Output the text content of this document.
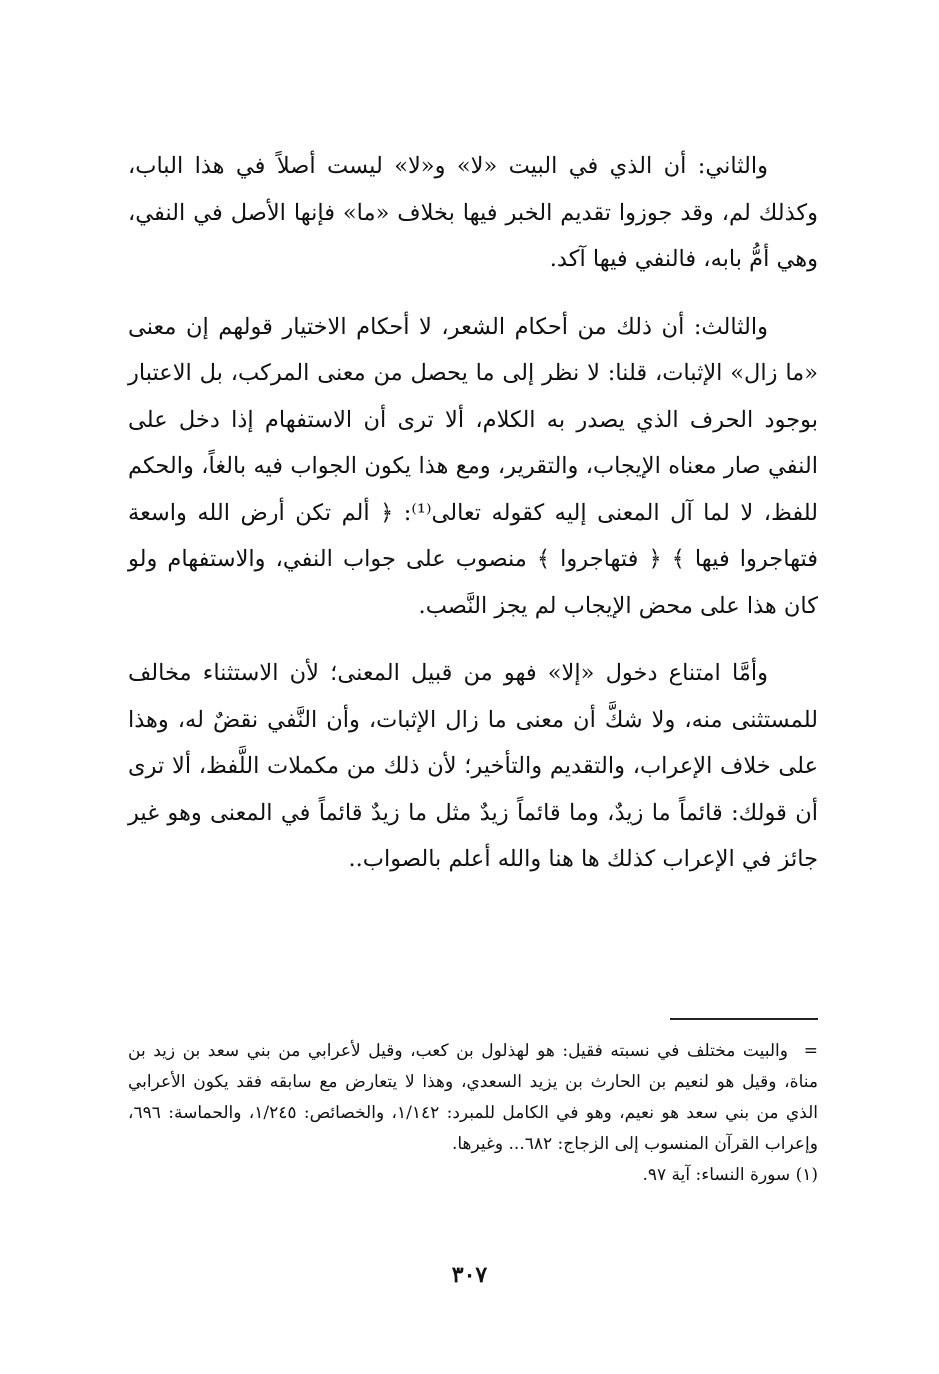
والثاني: أن الذي في البيت «لا» و«لا» ليست أصلاً في هذا الباب، وكذلك لم، وقد جوزوا تقديم الخبر فيها بخلاف «ما» فإنها الأصل في النفي، وهي أمُّ بابه، فالنفي فيها آكد.

والثالث: أن ذلك من أحكام الشعر، لا أحكام الاختيار قولهم إن معنى «ما زال» الإثبات، قلنا: لا نظر إلى ما يحصل من معنى المركب، بل الاعتبار بوجود الحرف الذي يصدر به الكلام، ألا ترى أن الاستفهام إذا دخل على النفي صار معناه الإيجاب، والتقرير، ومع هذا يكون الجواب فيه بالغاً، والحكم للفظ، لا لما آل المعنى إليه كقوله تعالى⁽¹⁾: ﴿ ألم تكن أرض الله واسعة فتهاجروا فيها ﴾ ﴿ فتهاجروا ﴾ منصوب على جواب النفي، والاستفهام ولو كان هذا على محض الإيجاب لم يجز النَّصب.

وأمَّا امتناع دخول «إلا» فهو من قبيل المعنى؛ لأن الاستثناء مخالف للمستثنى منه، ولا شكَّ أن معنى ما زال الإثبات، وأن النَّفي نقضٌ له، وهذا على خلاف الإعراب، والتقديم والتأخير؛ لأن ذلك من مكملات اللَّفظ، ألا ترى أن قولك: قائماً ما زيدٌ، وما قائماً زيدٌ مثل ما زيدٌ قائماً في المعنى وهو غير جائز في الإعراب كذلك ها هنا والله أعلم بالصواب..

=
والبيت مختلف في نسبته فقيل: هو لهذلول بن كعب، وقيل لأعرابي من بني سعد بن زيد بن مناة، وقيل هو لنعيم بن الحارث بن يزيد السعدي، وهذا لا يتعارض مع سابقه فقد يكون الأعرابي الذي من بني سعد هو نعيم، وهو في الكامل للمبرد: ١/١٤٢، والخصائص: ١/٢٤٥، والحماسة: ٦٩٦، وإعراب القرآن المنسوب إلى الزجاج: ٦٨٢... وغيرها.

(١) سورة النساء: آية ٩٧.

٣٠٧
